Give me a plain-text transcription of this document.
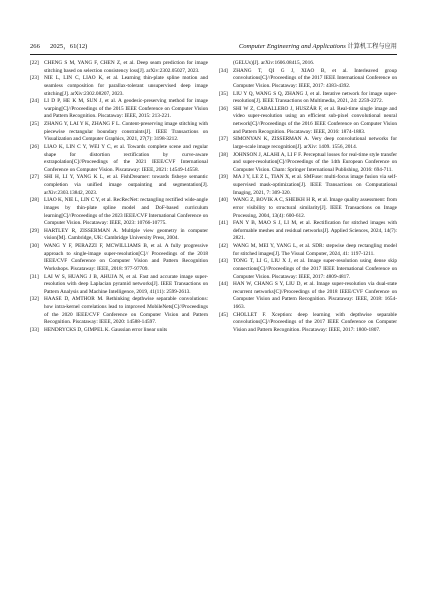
266 2025，61(12)	Computer Engineering and Applications 计算机工程与应用
[22] CHENG S M, YANG F, CHEN Z, et al. Deep seam prediction for image stitching based on selection consistency loss[J]. arXiv:2302.05027, 2023.
[23] NIE L, LIN C, LIAO K, et al. Learning thin-plate spline motion and seamless composition for parallax-tolerant unsupervised deep image stitching[J]. arXiv:2302.08207, 2023.
[24] LI D P, HE K M, SUN J, et al. A geodesic-preserving method for image warping[C]//Proceedings of the 2015 IEEE Conference on Computer Vision and Pattern Recognition. Piscataway: IEEE, 2015: 213-221.
[25] ZHANG Y, LAI Y K, ZHANG F L. Content-preserving image stitching with piecewise rectangular boundary constraints[J]. IEEE Transactions on Visualization and Computer Graphics, 2021, 27(7): 3198-3212.
[26] LIAO K, LIN C Y, WEI Y C, et al. Towards complete scene and regular shape for distortion rectification by curve-aware extrapolation[C]//Proceedings of the 2021 IEEE/CVF International Conference on Computer Vision. Piscataway: IEEE, 2021: 14549-14558.
[27] SHI H, LI Y, YANG K L, et al. FishDreamer: towards fisheye semantic completion via unified image outpainting and segmentation[J]. arXiv:2303.13842, 2023.
[28] LIAO K, NIE L, LIN C Y, et al. RecRecNet: rectangling rectified wide-angle images by thin-plate spline model and DoF-based curriculum learning[C]//Proceedings of the 2023 IEEE/CVF International Conference on Computer Vision. Piscataway: IEEE, 2023: 10766-10775.
[29] HARTLEY R, ZISSERMAN A. Multiple view geometry in computer vision[M]. Cambridge, UK: Cambridge University Press, 2004.
[30] WANG Y F, PERAZZI F, MCWILLIAMS B, et al. A fully progressive approach to single-image super-resolution[C]// Proceedings of the 2018 IEEE/CVF Conference on Computer Vision and Pattern Recognition Workshops. Piscataway: IEEE, 2018: 977-97709.
[31] LAI W S, HUANG J B, AHUJA N, et al. Fast and accurate image super-resolution with deep Laplacian pyramid networks[J]. IEEE Transactions on Pattern Analysis and Machine Intelligence, 2019, 41(11): 2599-2613.
[32] HAASE D, AMTHOR M. Rethinking depthwise separable convolutions: how intra-kernel correlations lead to improved MobileNets[C]//Proceedings of the 2020 IEEE/CVF Conference on Computer Vision and Pattern Recognition. Piscataway: IEEE, 2020: 14588-14597.
[33] HENDRYCKS D, GIMPEL K. Gaussian error linear units
(GELUs)[J]. arXiv:1606.08415, 2016.
[34] ZHANG T, QI G J, XIAO B, et al. Interleaved group convolutions[C]//Proceedings of the 2017 IEEE International Conference on Computer Vision. Piscataway: IEEE, 2017: 4383-4392.
[35] LIU Y Q, WANG S Q, ZHANG J, et al. Iterative network for image super-resolution[J]. IEEE Transactions on Multimedia, 2021, 24: 2259-2272.
[36] SHI W Z, CABALLERO J, HUSZÁR F, et al. Real-time single image and video super-resolution using an efficient sub-pixel convolutional neural network[C]//Proceedings of the 2016 IEEE Conference on Computer Vision and Pattern Recognition. Piscataway: IEEE, 2016: 1874-1883.
[37] SIMONYAN K, ZISSERMAN A. Very deep convolutional networks for large-scale image recognition[J]. arXiv: 1409. 1556, 2014.
[38] JOHNSON J, ALAHI A, LI F F. Perceptual losses for real-time style transfer and super-resolution[C]//Proceedings of the 14th European Conference on Computer Vision. Cham: Springer International Publishing, 2016: 694-711.
[39] MA J Y, LE Z L, TIAN X, et al. SMFuse: multi-focus image fusion via self-supervised mask-optimization[J]. IEEE Transactions on Computational Imaging, 2021, 7: 309-320.
[40] WANG Z, BOVIK A C, SHEIKH H R, et al. Image quality assessment: from error visibility to structural similarity[J]. IEEE Transactions on Image Processing, 2004, 13(4): 600-612.
[41] FAN Y B, MAO S J, LI M, et al. Rectification for stitched images with deformable meshes and residual networks[J]. Applied Sciences, 2024, 14(7): 2821.
[42] WANG M, MEI Y, YANG L, et al. SDR: stepwise deep rectangling model for stitched images[J]. The Visual Computer, 2024, 41: 1197-1211.
[43] TONG T, LI G, LIU X J, et al. Image super-resolution using dense skip connections[C]//Proceedings of the 2017 IEEE International Conference on Computer Vision. Piscataway: IEEE, 2017: 4809-4817.
[44] HAN W, CHANG S Y, LIU D, et al. Image super-resolution via dual-state recurrent networks[C]//Proceedings of the 2018 IEEE/CVF Conference on Computer Vision and Pattern Recognition. Piscataway: IEEE, 2018: 1654-1663.
[45] CHOLLET F. Xception: deep learning with depthwise separable convolutions[C]//Proceedings of the 2017 IEEE Conference on Computer Vision and Pattern Recognition. Piscataway: IEEE, 2017: 1800-1807.
